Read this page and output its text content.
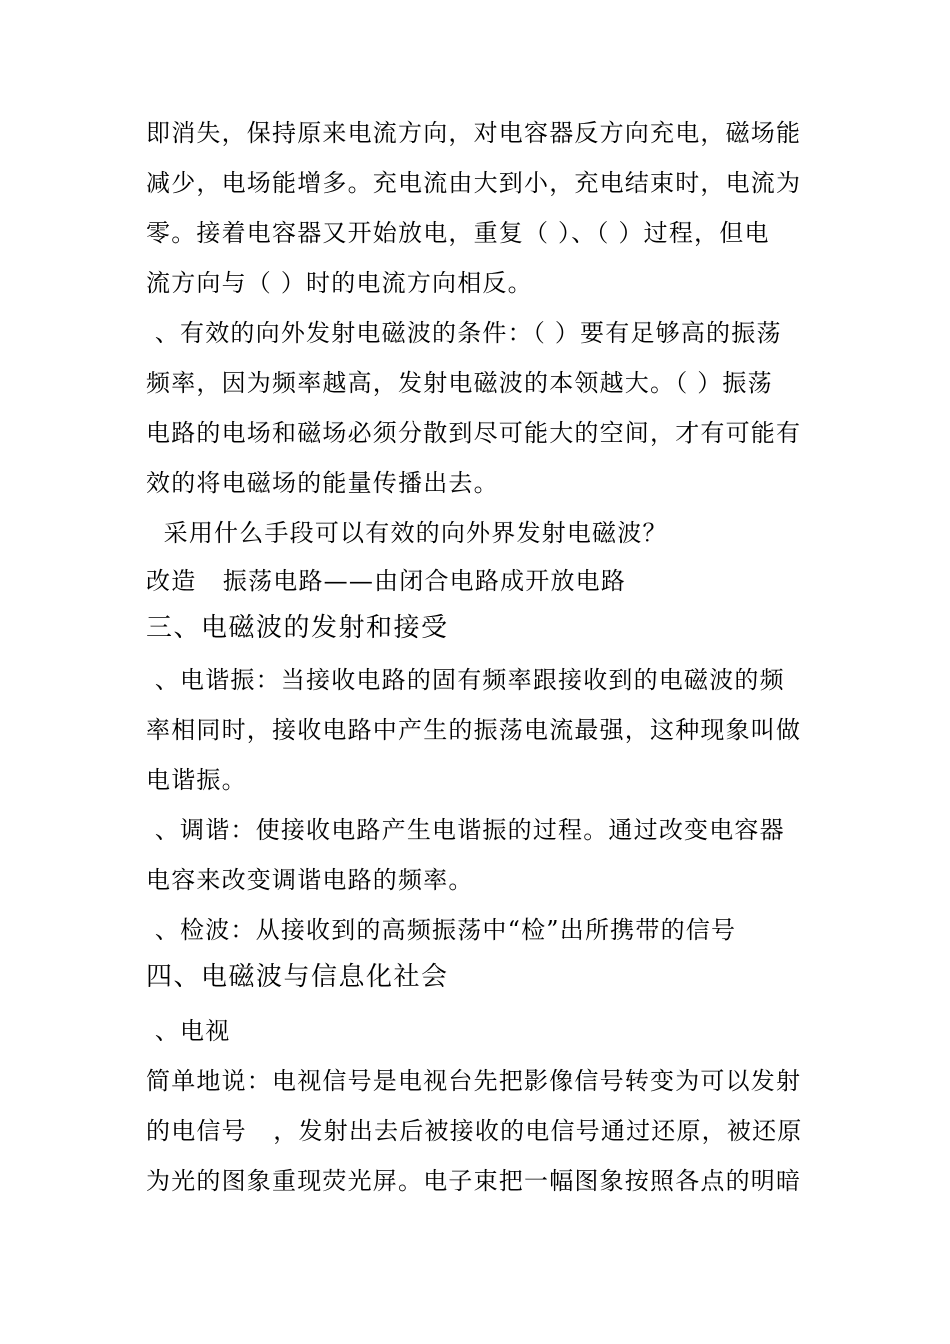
即消失，保持原来电流方向，对电容器反方向充电，磁场能
减少，电场能增多。充电流由大到小，充电结束时，电流为
零。接着电容器又开始放电，重复（ ）、（ ）过程，但电
流方向与（ ）时的电流方向相反。
、有效的向外发射电磁波的条件：（ ）要有足够高的振荡
频率，因为频率越高，发射电磁波的本领越大。（ ）振荡
电路的电场和磁场必须分散到尽可能大的空间，才有可能有
效的将电磁场的能量传播出去。
采用什么手段可以有效的向外界发射电磁波？
改造   振荡电路——由闭合电路成开放电路
三、电磁波的发射和接受
、电谐振：当接收电路的固有频率跟接收到的电磁波的频
率相同时，接收电路中产生的振荡电流最强，这种现象叫做
电谐振。
、调谐：使接收电路产生电谐振的过程。通过改变电容器
电容来改变调谐电路的频率。
、检波：从接收到的高频振荡中“检”出所携带的信号
四、电磁波与信息化社会
、电视
简单地说：电视信号是电视台先把影像信号转变为可以发射
的电信号   ，发射出去后被接收的电信号通过还原，被还原
为光的图象重现荧光屏。电子束把一幅图象按照各点的明暗
